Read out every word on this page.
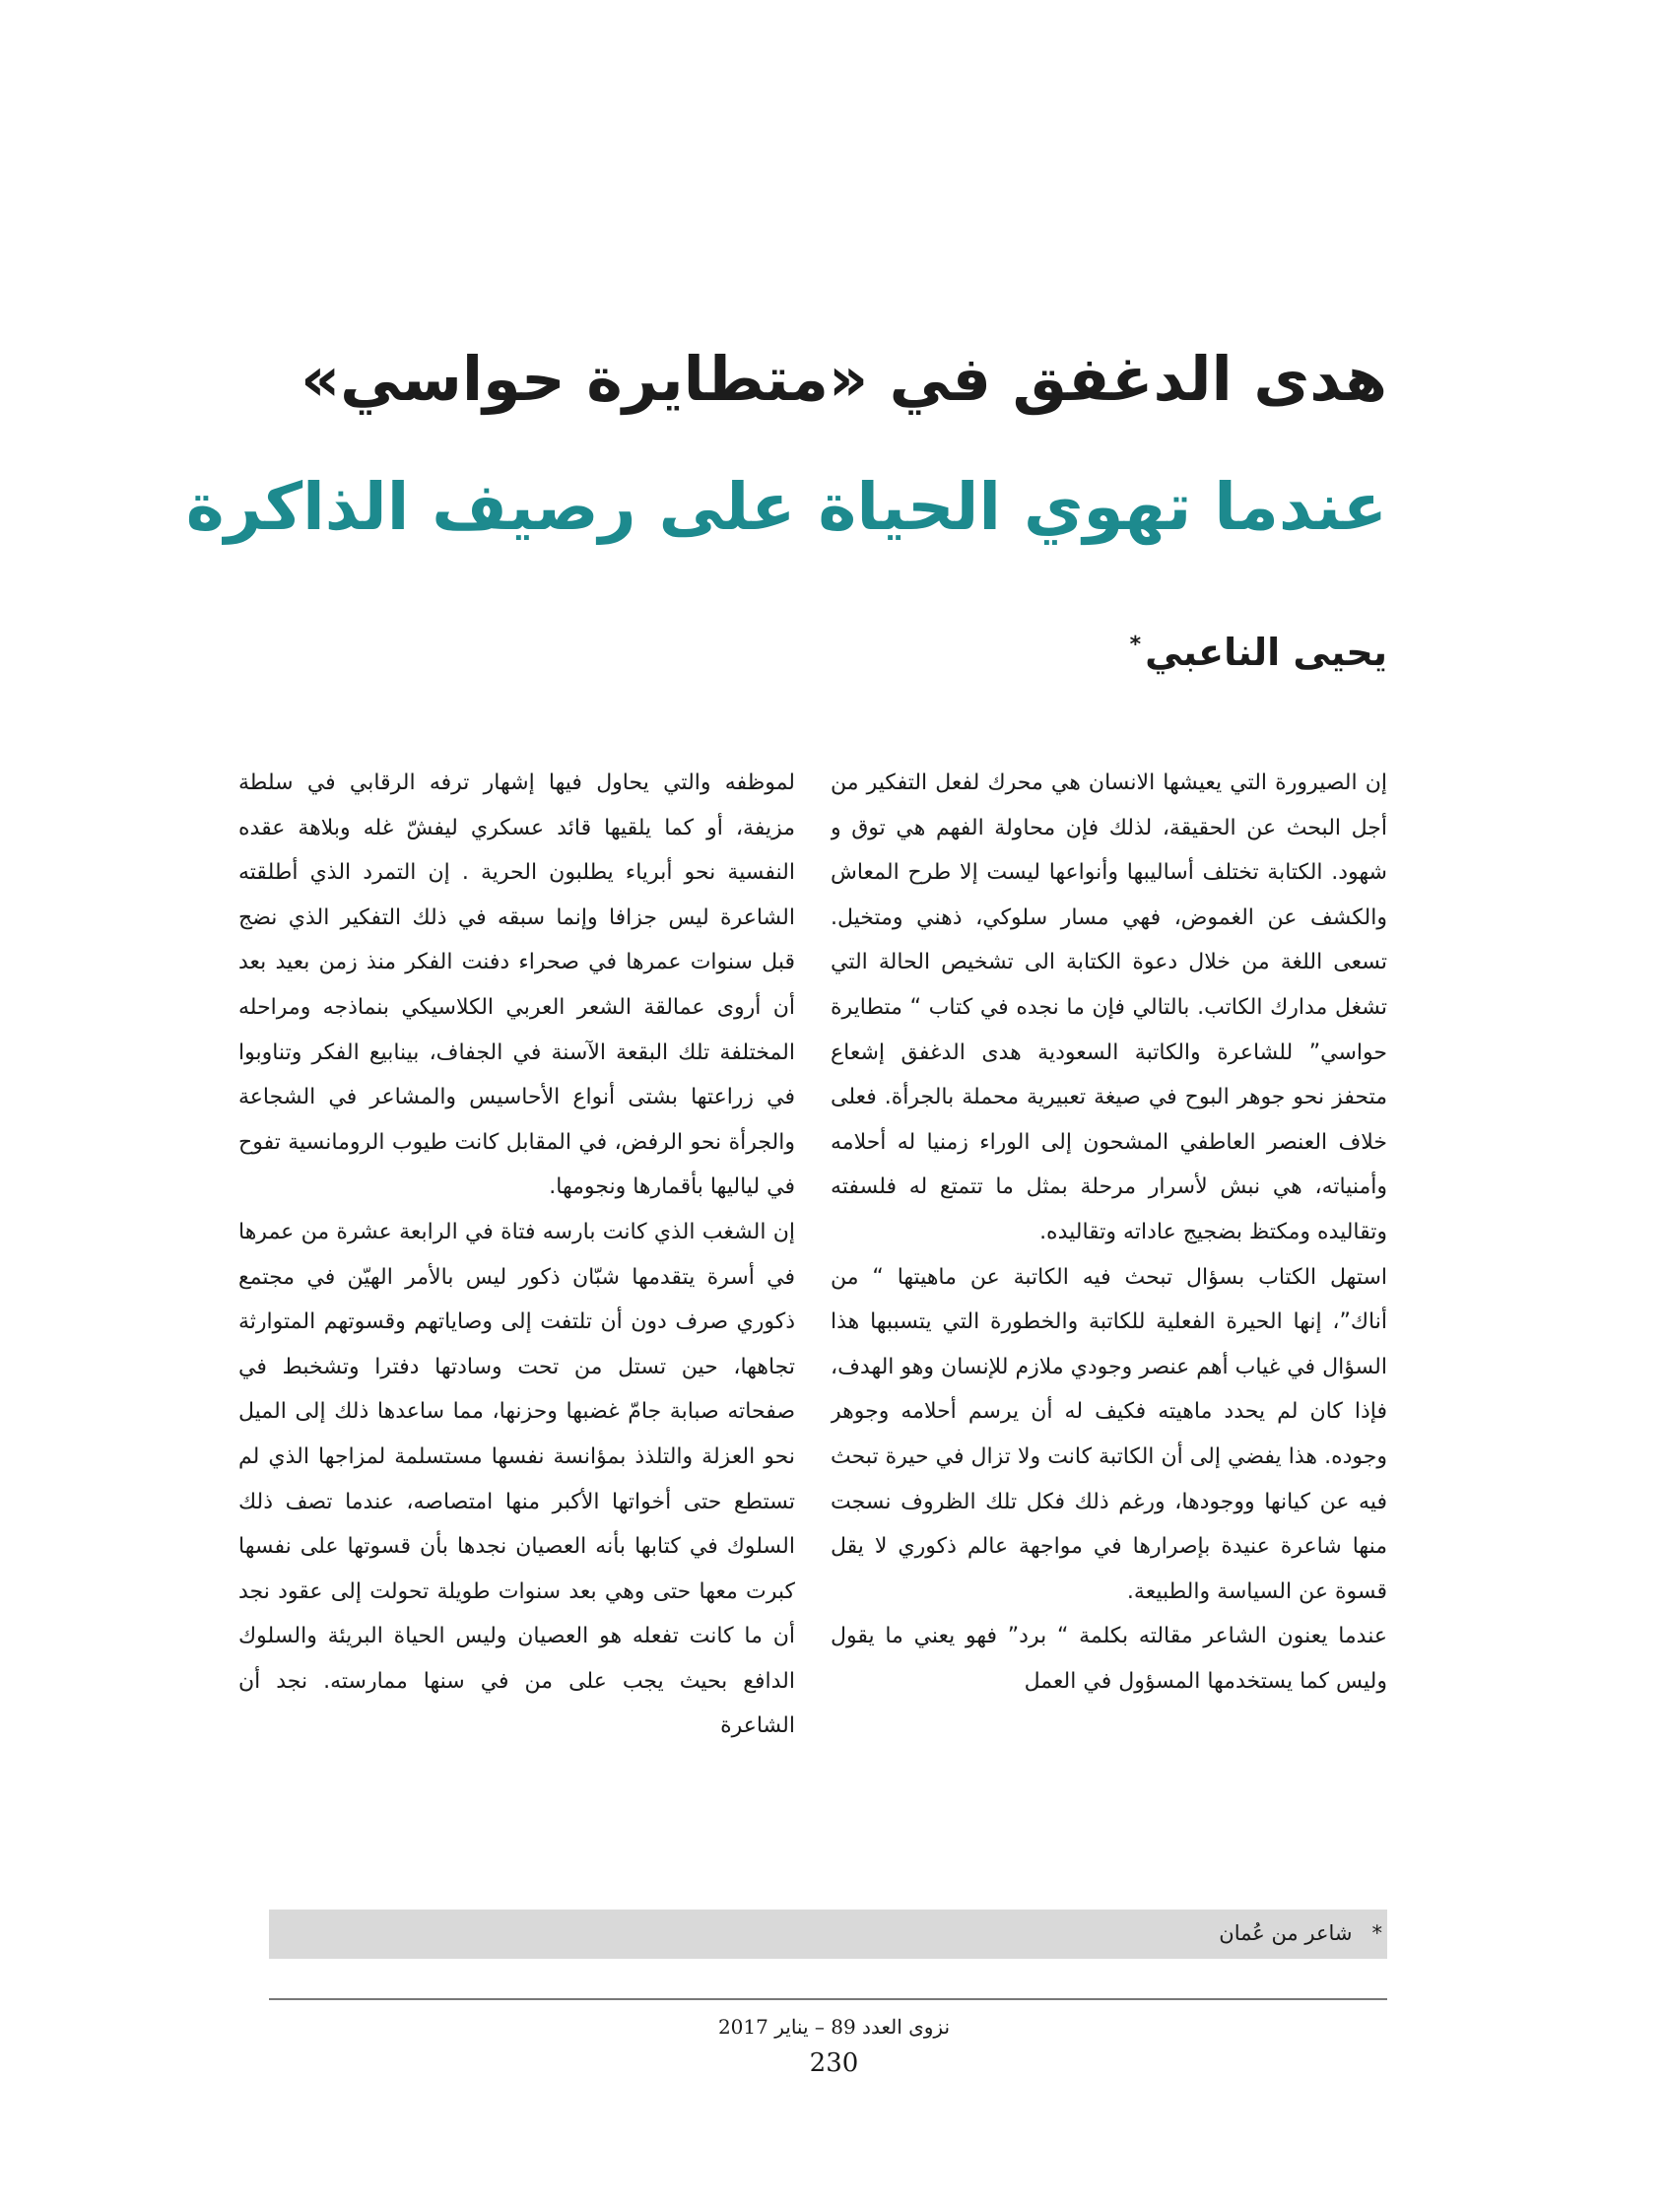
هدى الدغفق في «متطايرة حواسي»
عندما تهوي الحياة على رصيف الذاكرة
يحيى الناعبي*

إن الصيرورة التي يعيشها الانسان هي محرك لفعل التفكير من أجل البحث عن الحقيقة، لذلك فإن محاولة الفهم هي توق و شهود. الكتابة تختلف أساليبها وأنواعها ليست إلا طرح المعاش والكشف عن الغموض، فهي مسار سلوكي، ذهني ومتخيل. تسعى اللغة من خلال دعوة الكتابة الى تشخيص الحالة التي تشغل مدارك الكاتب. بالتالي فإن ما نجده في كتاب “ متطايرة حواسي” للشاعرة والكاتبة السعودية هدى الدغفق إشعاع متحفز نحو جوهر البوح في صيغة تعبيرية محملة بالجرأة. فعلى خلاف العنصر العاطفي المشحون إلى الوراء زمنيا له أحلامه وأمنياته، هي نبش لأسرار مرحلة بمثل ما تتمتع له فلسفته وتقاليده ومكتظ بضجيج عاداته وتقاليده.

استهل الكتاب بسؤال تبحث فيه الكاتبة عن ماهيتها “ من أناك”، إنها الحيرة الفعلية للكاتبة والخطورة التي يتسببها هذا السؤال في غياب أهم عنصر وجودي ملازم للإنسان وهو الهدف، فإذا كان لم يحدد ماهيته فكيف له أن يرسم أحلامه وجوهر وجوده. هذا يفضي إلى أن الكاتبة كانت ولا تزال في حيرة تبحث فيه عن كيانها ووجودها، ورغم ذلك فكل تلك الظروف نسجت منها شاعرة عنيدة بإصرارها في مواجهة عالم ذكوري لا يقل قسوة عن السياسة والطبيعة.

عندما يعنون الشاعر مقالته بكلمة “ برد” فهو يعني ما يقول وليس كما يستخدمها المسؤول في العمل

لموظفه والتي يحاول فيها إشهار ترفه الرقابي في سلطة مزيفة، أو كما يلقيها قائد عسكري ليفشّ غله وبلاهة عقده النفسية نحو أبرياء يطلبون الحرية . إن التمرد الذي أطلقته الشاعرة ليس جزافا وإنما سبقه في ذلك التفكير الذي نضج قبل سنوات عمرها في صحراء دفنت الفكر منذ زمن بعيد بعد أن أروى عمالقة الشعر العربي الكلاسيكي بنماذجه ومراحله المختلفة تلك البقعة الآسنة في الجفاف، بينابيع الفكر وتناوبوا في زراعتها بشتى أنواع الأحاسيس والمشاعر في الشجاعة والجرأة نحو الرفض، في المقابل كانت طيوب الرومانسية تفوح في لياليها بأقمارها ونجومها.

إن الشغب الذي كانت بارسه فتاة في الرابعة عشرة من عمرها في أسرة يتقدمها شبّان ذكور ليس بالأمر الهيّن في مجتمع ذكوري صرف دون أن تلتفت إلى وصاياتهم وقسوتهم المتوارثة تجاهها، حين تستل من تحت وسادتها دفترا وتشخبط في صفحاته صبابة جامّ غضبها وحزنها، مما ساعدها ذلك إلى الميل نحو العزلة والتلذذ بمؤانسة نفسها مستسلمة لمزاجها الذي لم تستطع حتى أخواتها الأكبر منها امتصاصه، عندما تصف ذلك السلوك في كتابها بأنه العصيان نجدها بأن قسوتها على نفسها كبرت معها حتى وهي بعد سنوات طويلة تحولت إلى عقود نجد أن ما كانت تفعله هو العصيان وليس الحياة البريئة والسلوك الدافع بحيث يجب على من في سنها ممارسته. نجد أن الشاعرة

*   شاعر من عُمان
نزوى العدد 89 – يناير 2017
230
